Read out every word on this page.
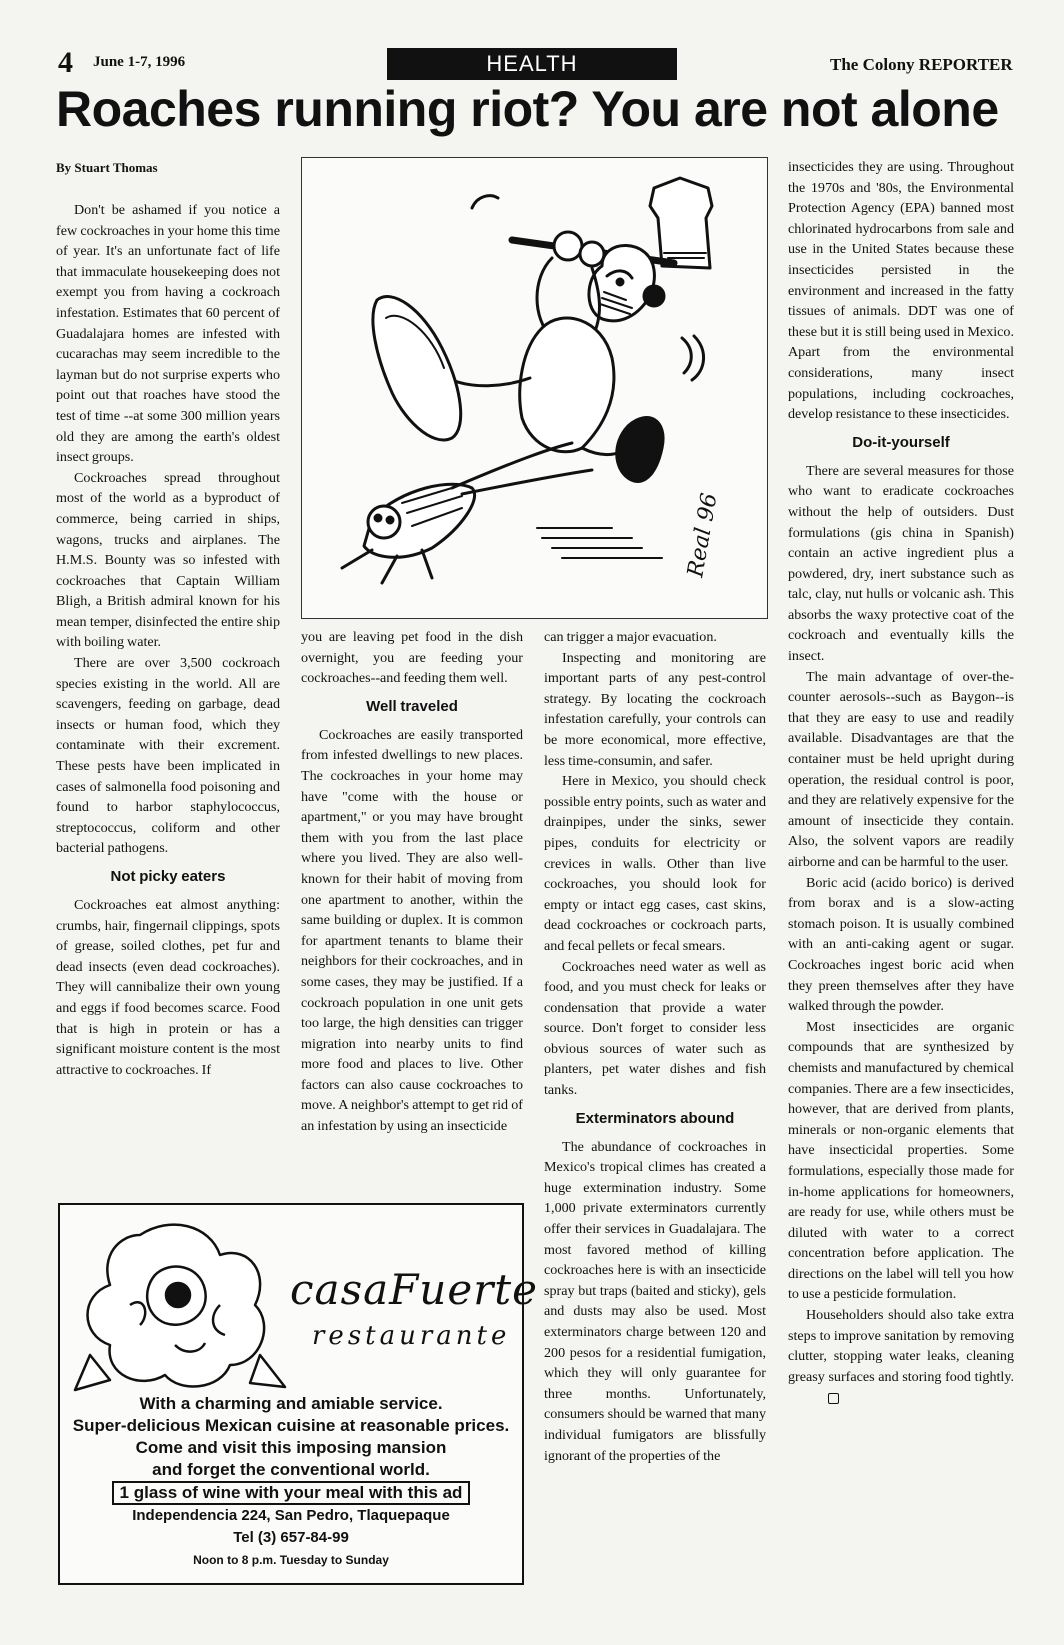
4 June 1-7, 1996	HEALTH	The Colony REPORTER
Roaches running riot? You are not alone
By Stuart Thomas

Don't be ashamed if you notice a few cockroaches in your home this time of year. It's an unfortunate fact of life that immaculate housekeeping does not exempt you from having a cockroach infestation. Estimates that 60 percent of Guadalajara homes are infested with cucarachas may seem incredible to the layman but do not surprise experts who point out that roaches have stood the test of time --at some 300 million years old they are among the earth's oldest insect groups.

Cockroaches spread throughout most of the world as a byproduct of commerce, being carried in ships, wagons, trucks and airplanes. The H.M.S. Bounty was so infested with cockroaches that Captain William Bligh, a British admiral known for his mean temper, disinfected the entire ship with boiling water.

There are over 3,500 cockroach species existing in the world. All are scavengers, feeding on garbage, dead insects or human food, which they contaminate with their excrement. These pests have been implicated in cases of salmonella food poisoning and found to harbor staphylococcus, streptococcus, coliform and other bacterial pathogens.

Not picky eaters

Cockroaches eat almost anything: crumbs, hair, fingernail clippings, spots of grease, soiled clothes, pet fur and dead insects (even dead cockroaches). They will cannibalize their own young and eggs if food becomes scarce. Food that is high in protein or has a significant moisture content is the most attractive to cockroaches. If

Real 96

you are leaving pet food in the dish overnight, you are feeding your cockroaches--and feeding them well.

Well traveled

Cockroaches are easily transported from infested dwellings to new places. The cockroaches in your home may have "come with the house or apartment," or you may have brought them with you from the last place where you lived. They are also well-known for their habit of moving from one apartment to another, within the same building or duplex. It is common for apartment tenants to blame their neighbors for their cockroaches, and in some cases, they may be justified. If a cockroach population in one unit gets too large, the high densities can trigger migration into nearby units to find more food and places to live. Other factors can also cause cockroaches to move. A neighbor's attempt to get rid of an infestation by using an insecticide

can trigger a major evacuation.

Inspecting and monitoring are important parts of any pest-control strategy. By locating the cockroach infestation carefully, your controls can be more economical, more effective, less time-consumin, and safer.

Here in Mexico, you should check possible entry points, such as water and drainpipes, under the sinks, sewer pipes, conduits for electricity or crevices in walls. Other than live cockroaches, you should look for empty or intact egg cases, cast skins, dead cockroaches or cockroach parts, and fecal pellets or fecal smears.

Cockroaches need water as well as food, and you must check for leaks or condensation that provide a water source. Don't forget to consider less obvious sources of water such as planters, pet water dishes and fish tanks.

Exterminators abound

The abundance of cockroaches in Mexico's tropical climes has created a huge extermination industry. Some 1,000 private exterminators currently offer their services in Guadalajara. The most favored method of killing cockroaches here is with an insecticide spray but traps (baited and sticky), gels and dusts may also be used. Most exterminators charge between 120 and 200 pesos for a residential fumigation, which they will only guarantee for three months. Unfortunately, consumers should be warned that many individual fumigators are blissfully ignorant of the properties of the

insecticides they are using. Throughout the 1970s and '80s, the Environmental Protection Agency (EPA) banned most chlorinated hydrocarbons from sale and use in the United States because these insecticides persisted in the environment and increased in the fatty tissues of animals. DDT was one of these but it is still being used in Mexico. Apart from the environmental considerations, many insect populations, including cockroaches, develop resistance to these insecticides.

Do-it-yourself

There are several measures for those who want to eradicate cockroaches without the help of outsiders. Dust formulations (gis china in Spanish) contain an active ingredient plus a powdered, dry, inert substance such as talc, clay, nut hulls or volcanic ash. This absorbs the waxy protective coat of the cockroach and eventually kills the insect.

The main advantage of over-the-counter aerosols--such as Baygon--is that they are easy to use and readily available. Disadvantages are that the container must be held upright during operation, the residual control is poor, and they are relatively expensive for the amount of insecticide they contain. Also, the solvent vapors are readily airborne and can be harmful to the user.

Boric acid (acido borico) is derived from borax and is a slow-acting stomach poison. It is usually combined with an anti-caking agent or sugar. Cockroaches ingest boric acid when they preen themselves after they have walked through the powder.

Most insecticides are organic compounds that are synthesized by chemists and manufactured by chemical companies. There are a few insecticides, however, that are derived from plants, minerals or non-organic elements that have insecticidal properties. Some formulations, especially those made for in-home applications for homeowners, are ready for use, while others must be diluted with water to a correct concentration before application. The directions on the label will tell you how to use a pesticide formulation.

Householders should also take extra steps to improve sanitation by removing clutter, stopping water leaks, cleaning greasy surfaces and storing food tightly.

casaFuerte
restaurante
With a charming and amiable service.
Super-delicious Mexican cuisine at reasonable prices.
Come and visit this imposing mansion
and forget the conventional world.
1 glass of wine with your meal with this ad
Independencia 224, San Pedro, Tlaquepaque
Tel (3) 657-84-99
Noon to 8 p.m. Tuesday to Sunday
